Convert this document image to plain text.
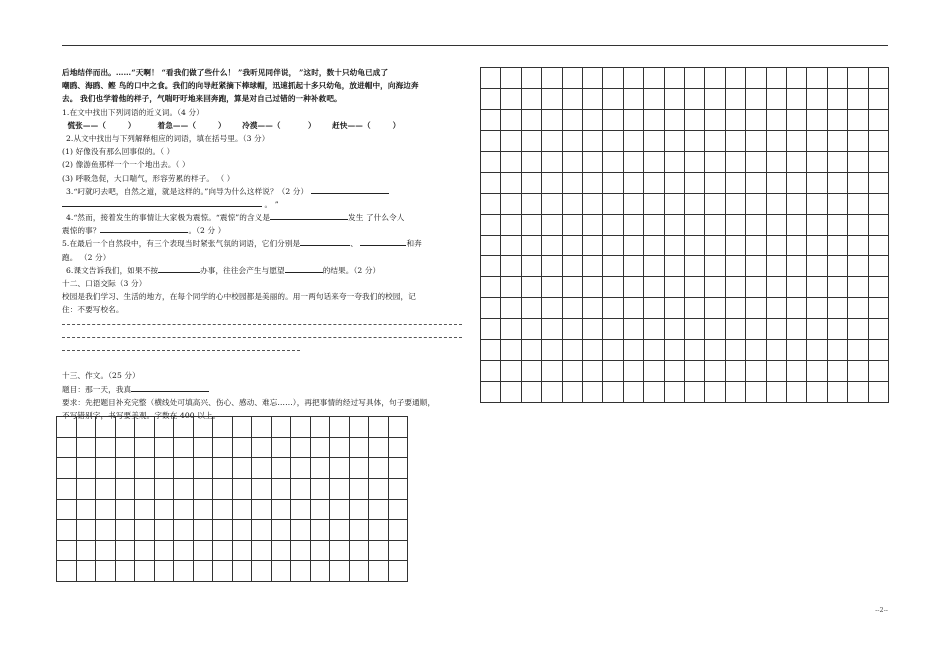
后地结伴而出。……“天啊！ “看我们做了些什么！ ”我听见同伴说， ”这时，数十只幼龟已成了
嘲鸥、海鸥、鲣 鸟的口中之食。我们的向导赶紧摘下棒球帽，迅速抓起十多只幼龟，放进帽中，向海边奔
去。 我们也学着他的样子，气喘吁吁地来回奔跑，算是对自己过错的一种补救吧。
1.在文中找出下列词语的近义词。（4 分）
慌张——（        ）        着急——（        ）      冷漠——（          ）      赶快——（        ）
2.从文中找出与下列解释相应的词语，填在括号里。（3 分）
(1) 好像没有那么回事似的。（ ）
(2) 像游鱼那样一个一个地出去。（ ）
(3) 呼吸急促，大口喘气，形容劳累的样子。 （ ）
3.“叼就叼去吧，自然之道，就是这样的。”向导为什么这样说？（2 分）
。 ”
4.“然而，接着发生的事情让大家极为震惊。“震惊”的含义是	发生 了什么令人
震惊的事？	。（2 分 ）
5.在最后一个自然段中，有三个表现当时紧张气氛的词语，它们分别是	、	和奔
跑。 （2 分）
6.课文告诉我们，如果不按	办事，往往会产生与愿望	的结果。（2 分）
十二、口语交际（3 分）
校园是我们学习、生活的地方，在每个同学的心中校园都是美丽的。用一两句话来夸一夸我们的校园，记
住：不要写校名。
十三、作文。（25 分）
题目：那一天，我真
要求：先把题目补充完整（横线处可填高兴、伤心、感动、难忘……），再把事情的经过写具体，句子要通顺，
不写错别字，书写要美观。字数在 400 以上。
--2--
